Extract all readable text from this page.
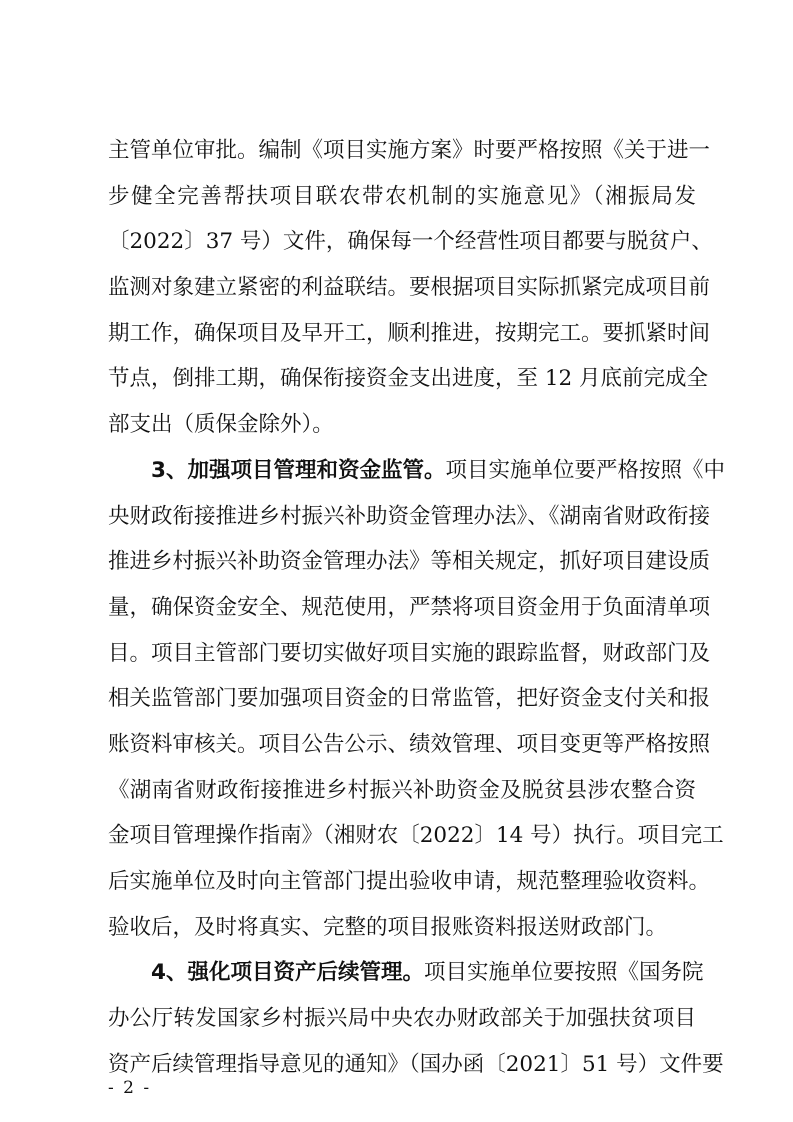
主管单位审批。编制《项目实施方案》时要严格按照《关于进一
步健全完善帮扶项目联农带农机制的实施意见》（湘振局发
〔2022〕37 号）文件，确保每一个经营性项目都要与脱贫户、
监测对象建立紧密的利益联结。要根据项目实际抓紧完成项目前
期工作，确保项目及早开工，顺利推进，按期完工。要抓紧时间
节点，倒排工期，确保衔接资金支出进度，至 12 月底前完成全
部支出（质保金除外）。
3、加强项目管理和资金监管。项目实施单位要严格按照《中
央财政衔接推进乡村振兴补助资金管理办法》、《湖南省财政衔接
推进乡村振兴补助资金管理办法》等相关规定，抓好项目建设质
量，确保资金安全、规范使用，严禁将项目资金用于负面清单项
目。项目主管部门要切实做好项目实施的跟踪监督，财政部门及
相关监管部门要加强项目资金的日常监管，把好资金支付关和报
账资料审核关。项目公告公示、绩效管理、项目变更等严格按照
《湖南省财政衔接推进乡村振兴补助资金及脱贫县涉农整合资
金项目管理操作指南》（湘财农〔2022〕14 号）执行。项目完工
后实施单位及时向主管部门提出验收申请，规范整理验收资料。
验收后，及时将真实、完整的项目报账资料报送财政部门。
4、强化项目资产后续管理。项目实施单位要按照《国务院
办公厅转发国家乡村振兴局中央农办财政部关于加强扶贫项目
资产后续管理指导意见的通知》（国办函〔2021〕51 号）文件要
- 2 -
